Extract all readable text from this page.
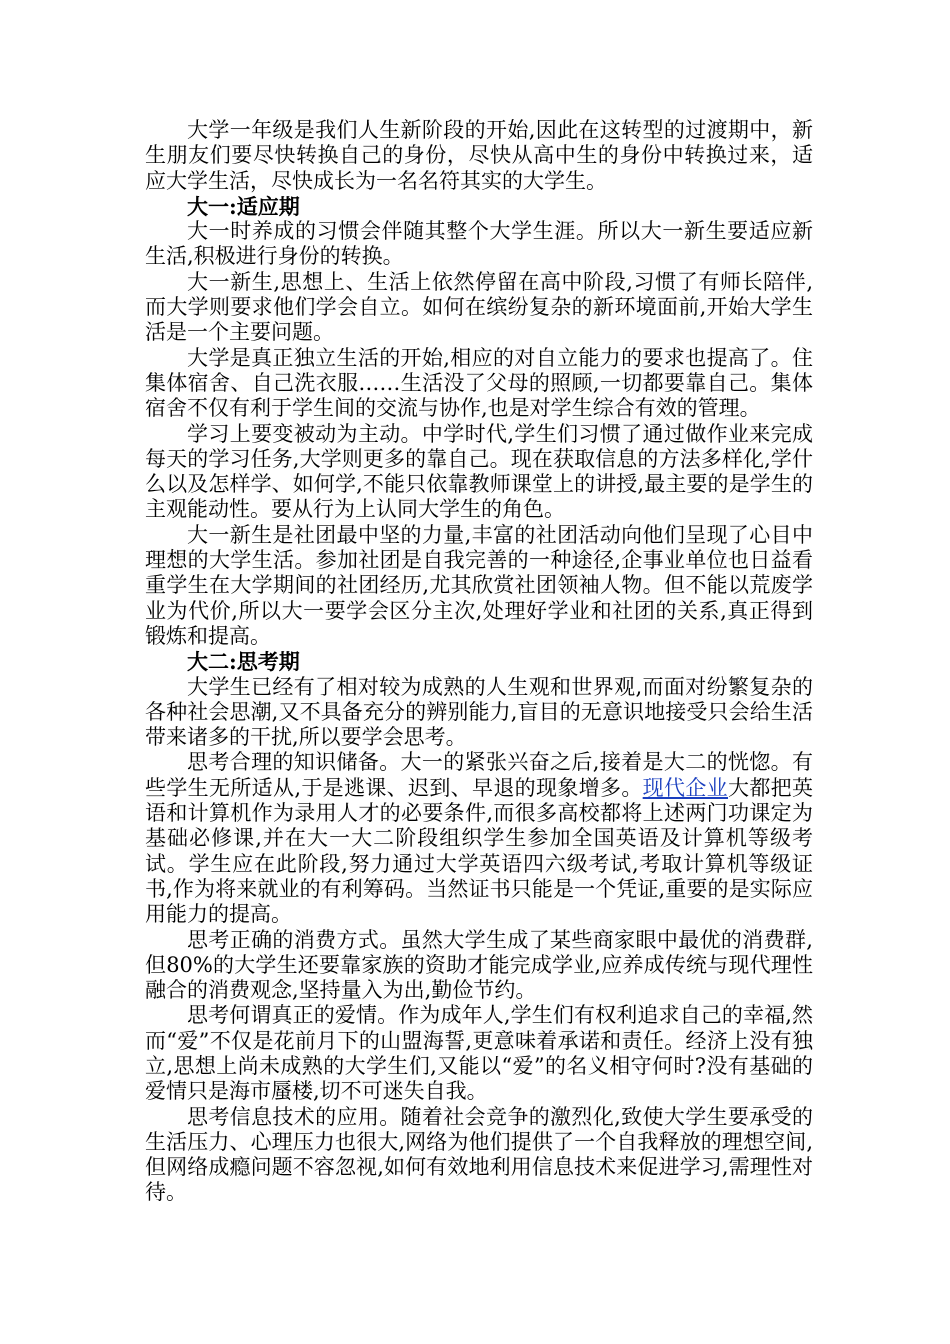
大学一年级是我们人生新阶段的开始,因此在这转型的过渡期中，新生朋友们要尽快转换自己的身份，尽快从高中生的身份中转换过来，适应大学生活，尽快成长为一名名符其实的大学生。

大一:适应期

大一时养成的习惯会伴随其整个大学生涯。所以大一新生要适应新生活,积极进行身份的转换。

大一新生,思想上、生活上依然停留在高中阶段,习惯了有师长陪伴,而大学则要求他们学会自立。如何在缤纷复杂的新环境面前,开始大学生活是一个主要问题。

大学是真正独立生活的开始,相应的对自立能力的要求也提高了。住集体宿舍、自己洗衣服……生活没了父母的照顾,一切都要靠自己。集体宿舍不仅有利于学生间的交流与协作,也是对学生综合有效的管理。

学习上要变被动为主动。中学时代,学生们习惯了通过做作业来完成每天的学习任务,大学则更多的靠自己。现在获取信息的方法多样化,学什么以及怎样学、如何学,不能只依靠教师课堂上的讲授,最主要的是学生的主观能动性。要从行为上认同大学生的角色。

大一新生是社团最中坚的力量,丰富的社团活动向他们呈现了心目中理想的大学生活。参加社团是自我完善的一种途径,企事业单位也日益看重学生在大学期间的社团经历,尤其欣赏社团领袖人物。但不能以荒废学业为代价,所以大一要学会区分主次,处理好学业和社团的关系,真正得到锻炼和提高。

大二:思考期

大学生已经有了相对较为成熟的人生观和世界观,而面对纷繁复杂的各种社会思潮,又不具备充分的辨别能力,盲目的无意识地接受只会给生活带来诸多的干扰,所以要学会思考。

思考合理的知识储备。大一的紧张兴奋之后,接着是大二的恍惚。有些学生无所适从,于是逃课、迟到、早退的现象增多。现代企业大都把英语和计算机作为录用人才的必要条件,而很多高校都将上述两门功课定为基础必修课,并在大一大二阶段组织学生参加全国英语及计算机等级考试。学生应在此阶段,努力通过大学英语四六级考试,考取计算机等级证书,作为将来就业的有利筹码。当然证书只能是一个凭证,重要的是实际应用能力的提高。

思考正确的消费方式。虽然大学生成了某些商家眼中最优的消费群,但80%的大学生还要靠家族的资助才能完成学业,应养成传统与现代理性融合的消费观念,坚持量入为出,勤俭节约。

思考何谓真正的爱情。作为成年人,学生们有权利追求自己的幸福,然而“爱”不仅是花前月下的山盟海誓,更意味着承诺和责任。经济上没有独立,思想上尚未成熟的大学生们,又能以“爱”的名义相守何时?没有基础的爱情只是海市蜃楼,切不可迷失自我。

思考信息技术的应用。随着社会竞争的激烈化,致使大学生要承受的生活压力、心理压力也很大,网络为他们提供了一个自我释放的理想空间,但网络成瘾问题不容忽视,如何有效地利用信息技术来促进学习,需理性对待。
